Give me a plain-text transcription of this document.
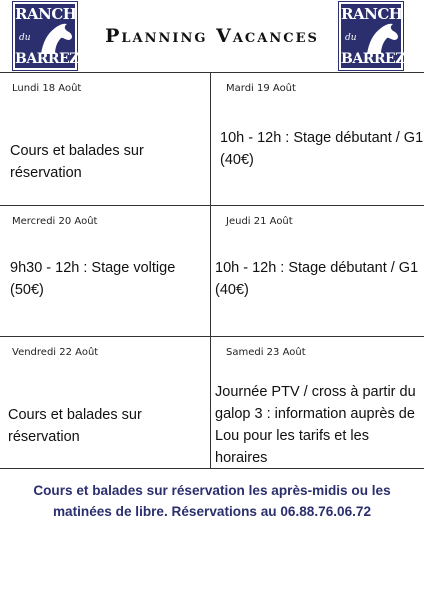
RANCH
du
BARREZ
Planning Vacances
RANCH
du
BARREZ
Lundi 18 Août
Cours et balades sur réservation
Mardi 19 Août
10h - 12h : Stage débutant / G1
(40€)
Mercredi 20 Août
9h30 - 12h : Stage voltige
(50€)
Jeudi 21 Août
10h - 12h : Stage débutant / G1
(40€)
Vendredi 22 Août
Cours et balades sur réservation
Samedi 23 Août
Journée PTV / cross à partir du
galop 3 : information auprès de
Lou pour les tarifs et les horaires
Cours et balades sur réservation les après-midis ou les
matinées de libre. Réservations au 06.88.76.06.72
